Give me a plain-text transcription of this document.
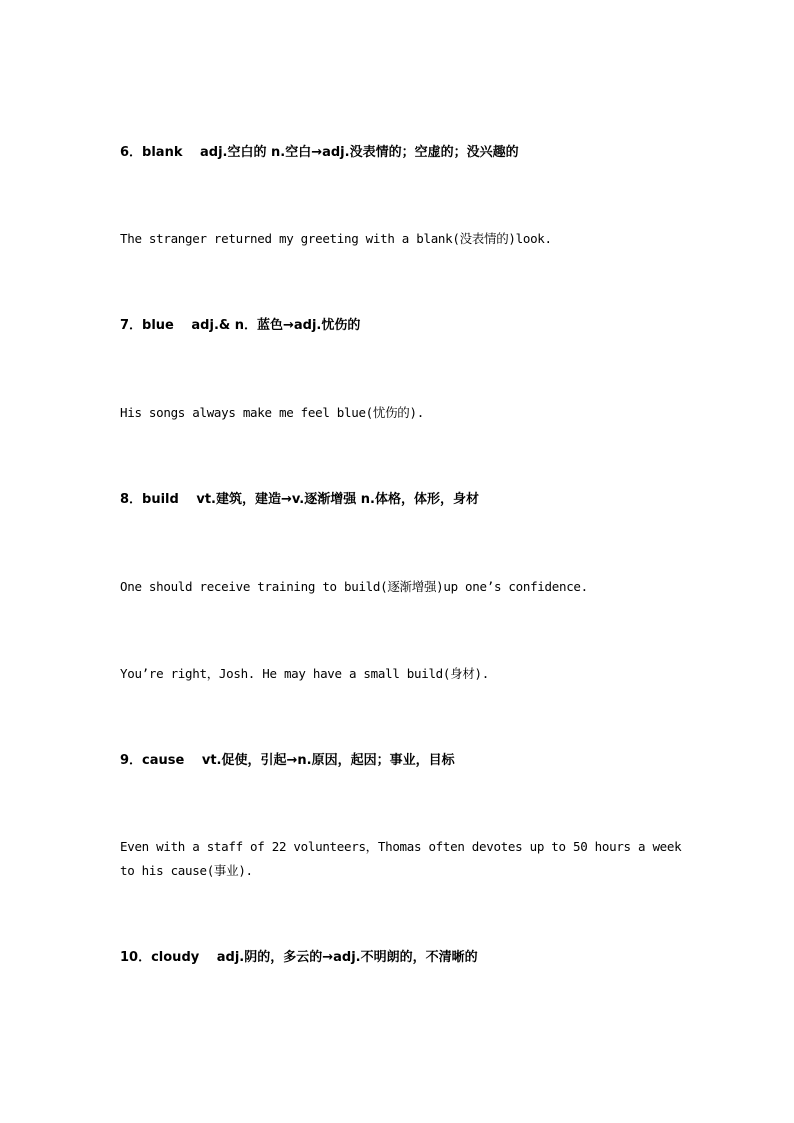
6．blank　 adj.空白的 n.空白→adj.没表情的；空虚的；没兴趣的
The stranger returned my greeting with a blank(没表情的)look.
7．blue　 adj.& n．蓝色→adj.忧伤的
His songs always make me feel blue(忧伤的).
8．build　 vt.建筑，建造→v.逐渐增强 n.体格，体形，身材
One should receive training to build(逐渐增强)up one’s confidence.
You’re right，Josh. He may have a small build(身材).
9．cause　 vt.促使，引起→n.原因，起因；事业，目标
Even with a staff of 22 volunteers，Thomas often devotes up to 50 hours a week
to his cause(事业).
10．cloudy　 adj.阴的，多云的→adj.不明朗的，不清晰的
